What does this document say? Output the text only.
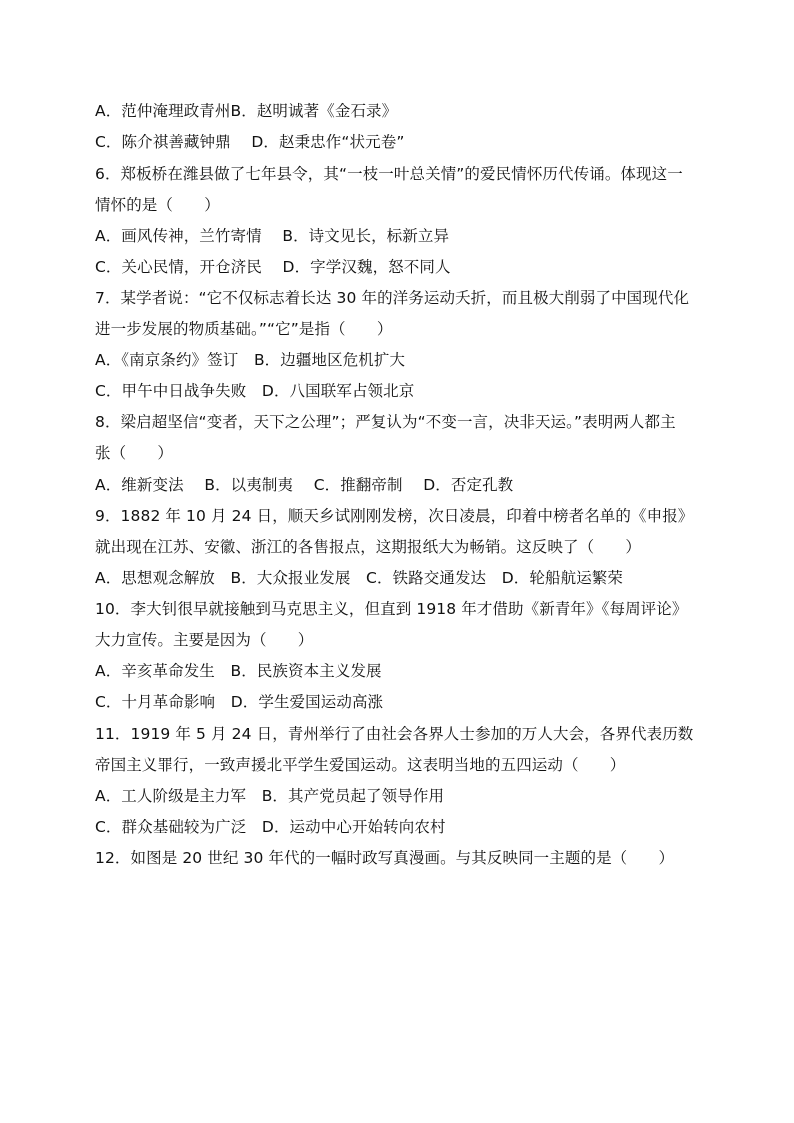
A．范仲淹理政青州B．赵明诚著《金石录》
C．陈介祺善藏钟鼎　 D．赵秉忠作“状元卷”
6．郑板桥在潍县做了七年县令，其“一枝一叶总关情”的爱民情怀历代传诵。体现这一
情怀的是（　　）
A．画风传神，兰竹寄情　 B．诗文见长，标新立异
C．关心民情，开仓济民　 D．字学汉魏，怒不同人
7．某学者说：“它不仅标志着长达 30 年的洋务运动夭折，而且极大削弱了中国现代化
进一步发展的物质基础。”“它”是指（　　）
A．《南京条约》签订　B．边疆地区危机扩大
C．甲午中日战争失败　D．八国联军占领北京
8．梁启超坚信“变者，天下之公理”；严复认为“不变一言，决非天运。”表明两人都主
张（　　）
A．维新变法　 B．以夷制夷　 C．推翻帝制　 D．否定孔教
9．1882 年 10 月 24 日，顺天乡试刚刚发榜，次日凌晨，印着中榜者名单的《申报》
就出现在江苏、安徽、浙江的各售报点，这期报纸大为畅销。这反映了（　　）
A．思想观念解放　B．大众报业发展　C．铁路交通发达　D．轮船航运繁荣
10．李大钊很早就接触到马克思主义，但直到 1918 年才借助《新青年》《每周评论》
大力宣传。主要是因为（　　）
A．辛亥革命发生　B．民族资本主义发展
C．十月革命影响　D．学生爱国运动高涨
11．1919 年 5 月 24 日，青州举行了由社会各界人士参加的万人大会，各界代表历数
帝国主义罪行，一致声援北平学生爱国运动。这表明当地的五四运动（　　）
A．工人阶级是主力军　B．其产党员起了领导作用
C．群众基础较为广泛　D．运动中心开始转向农村
12．如图是 20 世纪 30 年代的一幅时政写真漫画。与其反映同一主题的是（　　）
